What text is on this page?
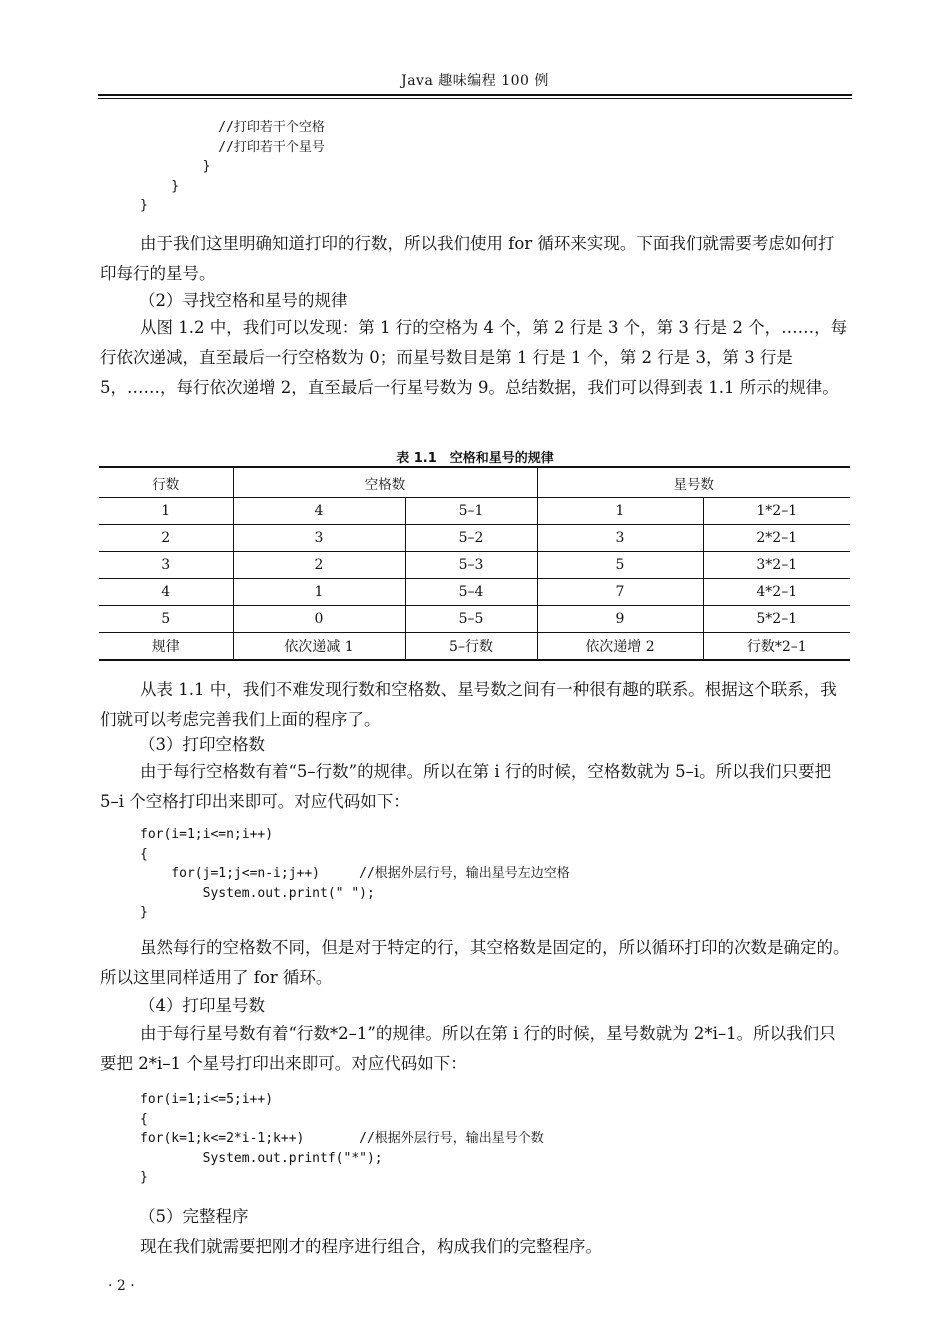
Java 趣味编程 100 例
//打印若干个空格
//打印若干个星号
}
}
}

由于我们这里明确知道打印的行数，所以我们使用 for 循环来实现。下面我们就需要考虑如何打印每行的星号。

（2）寻找空格和星号的规律

从图 1.2 中，我们可以发现：第 1 行的空格为 4 个，第 2 行是 3 个，第 3 行是 2 个，……，每行依次递减，直至最后一行空格数为 0；而星号数目是第 1 行是 1 个，第 2 行是 3，第 3 行是 5，……，每行依次递增 2，直至最后一行星号数为 9。总结数据，我们可以得到表 1.1 所示的规律。

表 1.1　空格和星号的规律
行数	空格数		星号数	
1	4	5–1	1	1*2–1
2	3	5–2	3	2*2–1
3	2	5–3	5	3*2–1
4	1	5–4	7	4*2–1
5	0	5–5	9	5*2–1
规律	依次递减 1	5–行数	依次递增 2	行数*2–1

从表 1.1 中，我们不难发现行数和空格数、星号数之间有一种很有趣的联系。根据这个联系，我们就可以考虑完善我们上面的程序了。

（3）打印空格数

由于每行空格数有着“5–行数”的规律。所以在第 i 行的时候，空格数就为 5–i。所以我们只要把 5–i 个空格打印出来即可。对应代码如下：

for(i=1;i<=n;i++)
{
for(j=1;j<=n-i;j++)     //根据外层行号，输出星号左边空格
System.out.print(" ");
}

虽然每行的空格数不同，但是对于特定的行，其空格数是固定的，所以循环打印的次数是确定的。所以这里同样适用了 for 循环。

（4）打印星号数

由于每行星号数有着“行数*2–1”的规律。所以在第 i 行的时候，星号数就为 2*i–1。所以我们只要把 2*i–1 个星号打印出来即可。对应代码如下：

for(i=1;i<=5;i++)
{
for(k=1;k<=2*i-1;k++)       //根据外层行号，输出星号个数
System.out.printf("*");
}

（5）完整程序

现在我们就需要把刚才的程序进行组合，构成我们的完整程序。

· 2 ·
